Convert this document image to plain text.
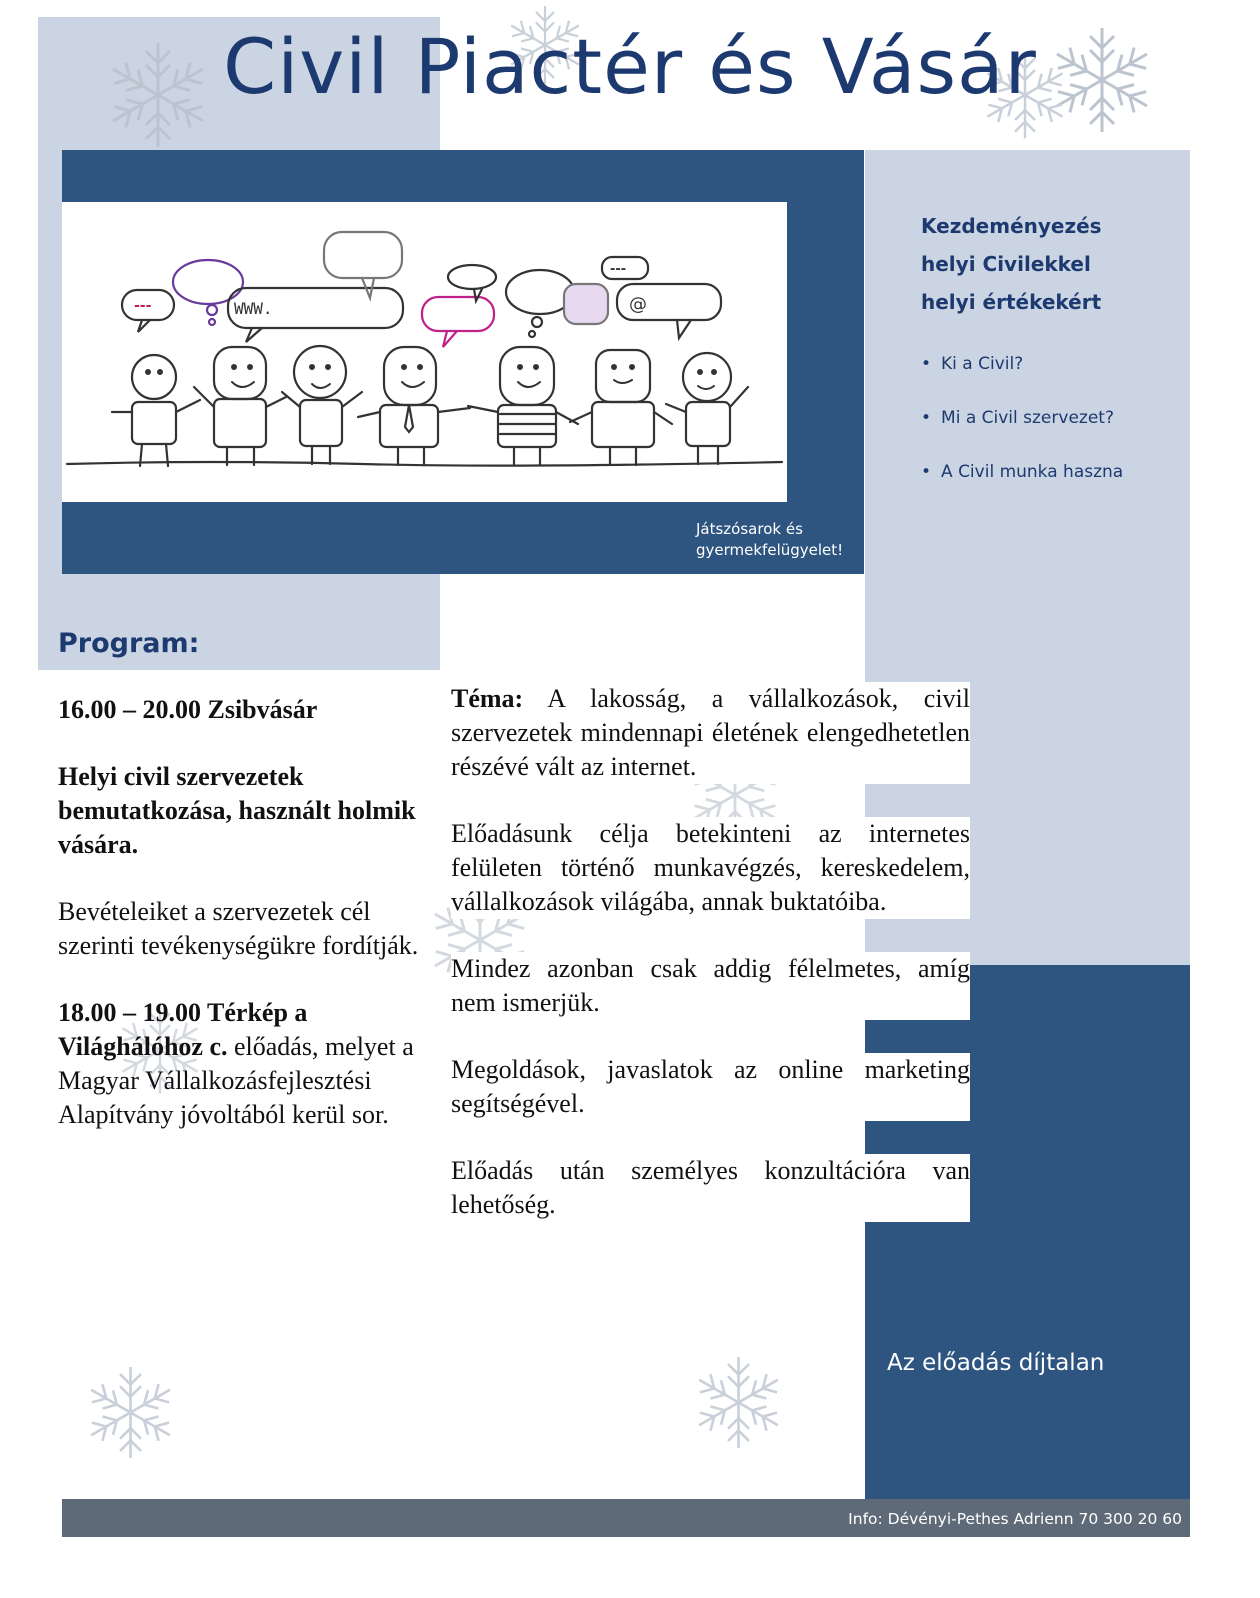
Civil Piactér és Vásár
WWW.	@
---
---
Játszósarok és
gyermekfelügyelet!
Kezdeményezés
helyi Civilekkel
helyi értékekért
• Ki a Civil?
• Mi a Civil szervezet?
• A Civil munka haszna
Program:

16.00 – 20.00 Zsibvásár

Helyi civil szervezetek bemutatkozása, használt holmik vására.

Bevételeiket a szervezetek cél szerinti tevékenységükre fordítják.

18.00 – 19.00 Térkép a Világhálóhoz c. előadás, melyet a Magyar Vállalkozásfejlesztési Alapítvány jóvoltából kerül sor.

Téma: A lakosság, a vállalkozások, civil szervezetek mindennapi életének elengedhetetlen részévé vált az internet.

Előadásunk célja betekinteni az internetes felületen történő munkavégzés, kereskedelem, vállalkozások világába, annak buktatóiba.

Mindez azonban csak addig félelmetes, amíg nem ismerjük.

Megoldások, javaslatok az online marketing segítségével.

Előadás után személyes konzultációra van lehetőség.

Az előadás díjtalan
Info: Dévényi-Pethes Adrienn 70 300 20 60
